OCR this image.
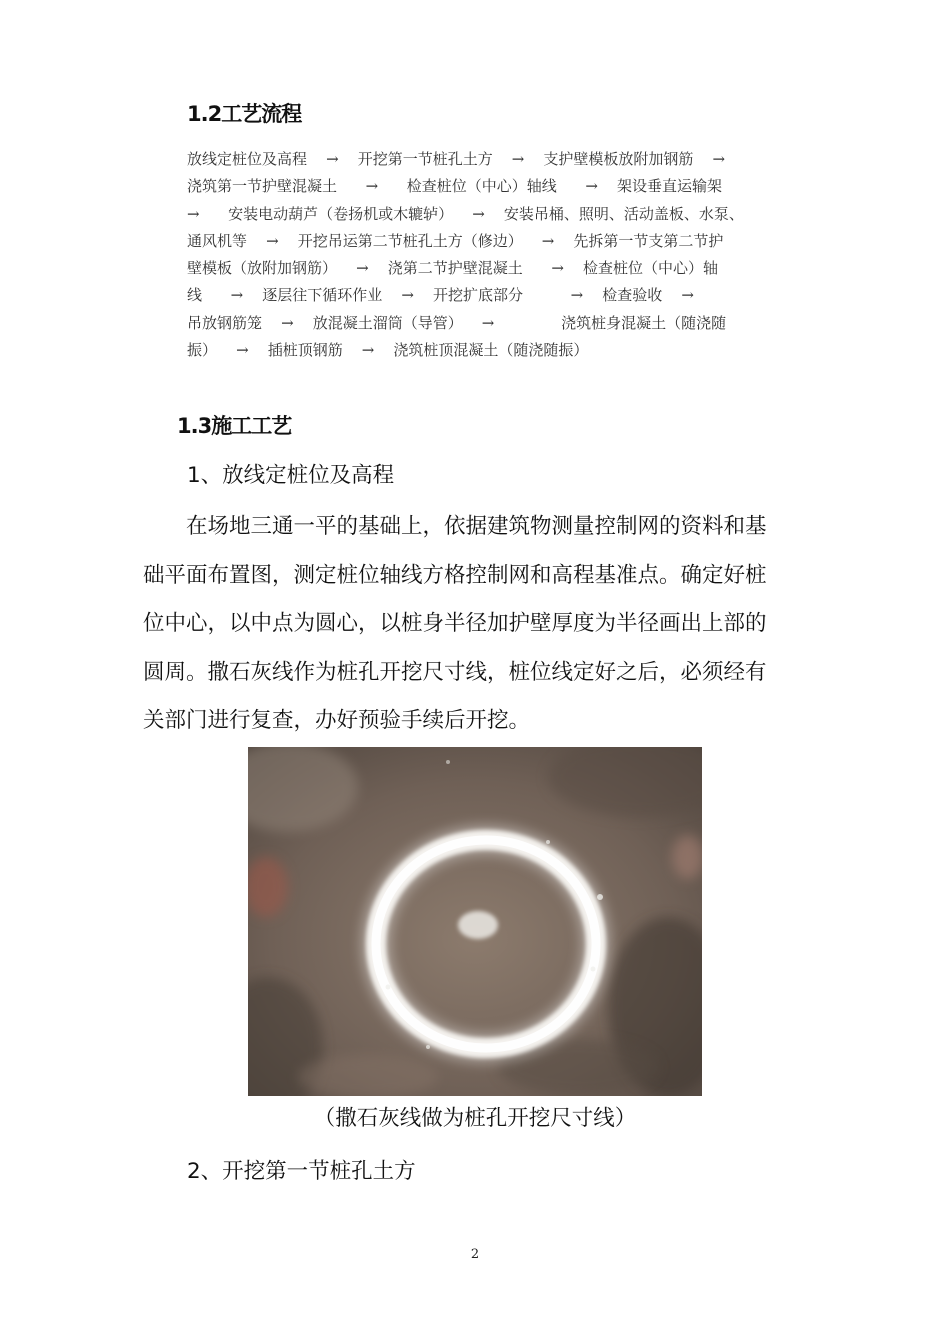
1.2工艺流程
放线定桩位及高程    →    开挖第一节桩孔土方    →    支护壁模板放附加钢筋    →
浇筑第一节护壁混凝土      →      检查桩位（中心）轴线      →    架设垂直运输架
→      安装电动葫芦（卷扬机或木辘轳）    →    安装吊桶、照明、活动盖板、水泵、
通风机等    →    开挖吊运第二节桩孔土方（修边）    →    先拆第一节支第二节护
壁模板（放附加钢筋）    →    浇第二节护壁混凝土      →    检查桩位（中心）轴
线      →    逐层往下循环作业    →    开挖扩底部分          →    检查验收    →
吊放钢筋笼    →    放混凝土溜筒（导管）    →              浇筑桩身混凝土（随浇随
振）    →    插桩顶钢筋    →    浇筑桩顶混凝土（随浇随振）
1.3施工工艺
1、放线定桩位及高程
　　在场地三通一平的基础上，依据建筑物测量控制网的资料和基
础平面布置图，测定桩位轴线方格控制网和高程基准点。确定好桩
位中心，以中点为圆心，以桩身半径加护壁厚度为半径画出上部的
圆周。撒石灰线作为桩孔开挖尺寸线，桩位线定好之后，必须经有
关部门进行复查，办好预验手续后开挖。
（撒石灰线做为桩孔开挖尺寸线）
2、开挖第一节桩孔土方
2
